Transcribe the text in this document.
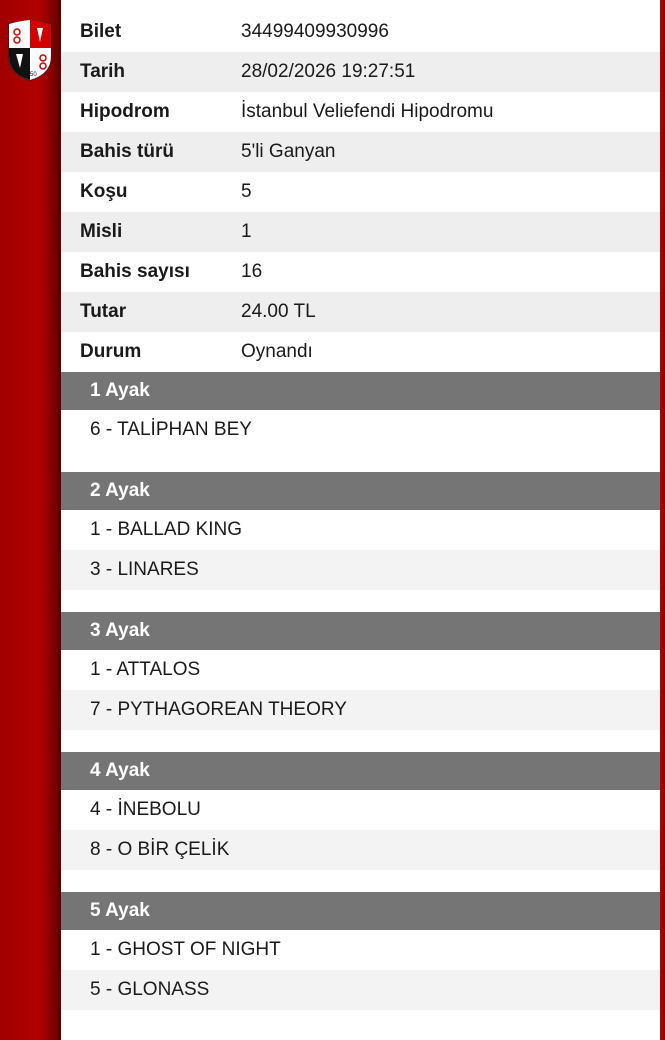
1950
Bilet	34499409930996
Tarih	28/02/2026 19:27:51
Hipodrom	İstanbul Veliefendi Hipodromu
Bahis türü	5'li Ganyan
Koşu	5
Misli	1
Bahis sayısı	16
Tutar	24.00 TL
Durum	Oynandı
1 Ayak
6 - TALİPHAN BEY
2 Ayak
1 - BALLAD KING
3 - LINARES
3 Ayak
1 - ATTALOS
7 - PYTHAGOREAN THEORY
4 Ayak
4 - İNEBOLU
8 - O BİR ÇELİK
5 Ayak
1 - GHOST OF NIGHT
5 - GLONASS
